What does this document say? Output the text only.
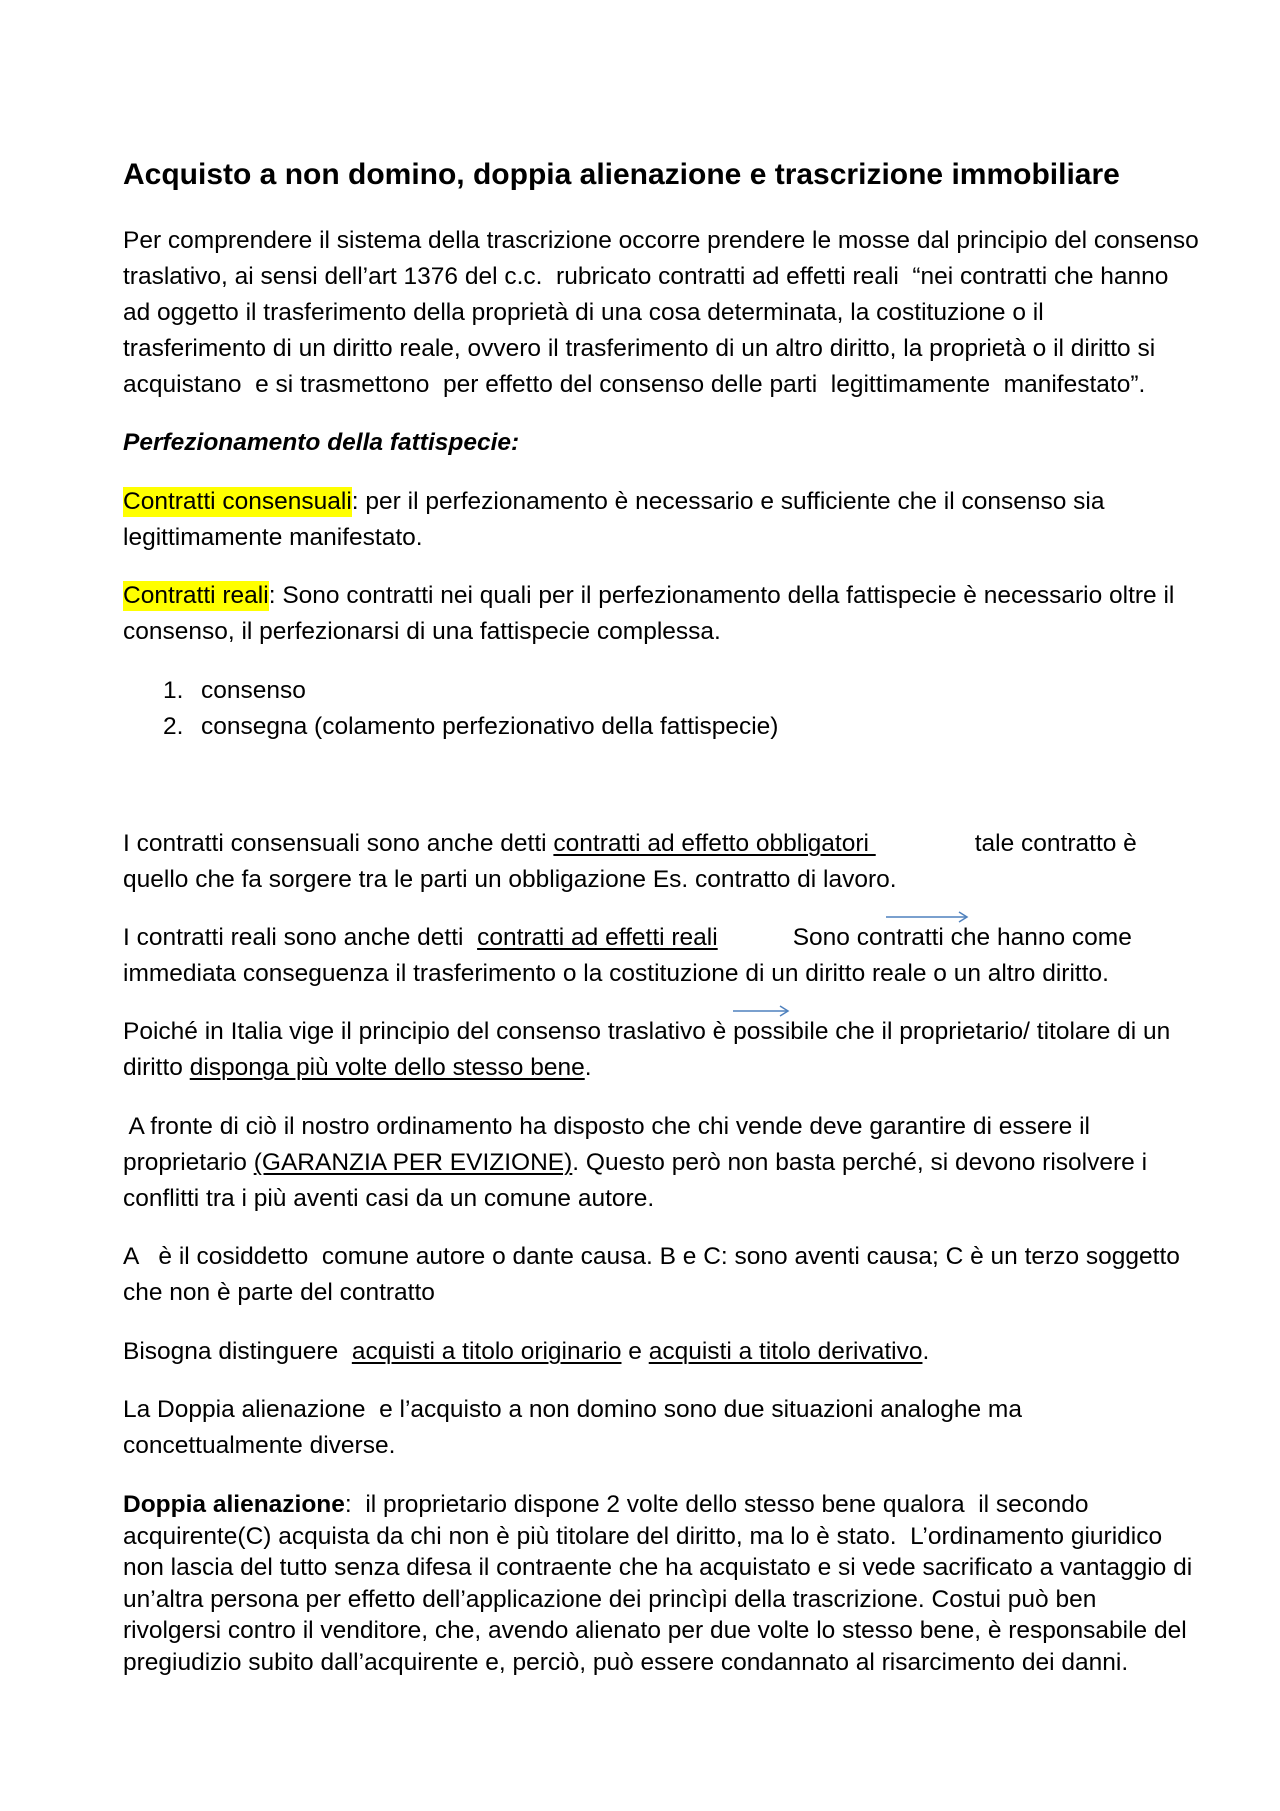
Acquisto a non domino, doppia alienazione e trascrizione immobiliare
Per comprendere il sistema della trascrizione occorre prendere le mosse dal principio del consenso
traslativo, ai sensi dell’art 1376 del c.c.  rubricato contratti ad effetti reali  “nei contratti che hanno
ad oggetto il trasferimento della proprietà di una cosa determinata, la costituzione o il
trasferimento di un diritto reale, ovvero il trasferimento di un altro diritto, la proprietà o il diritto si
acquistano  e si trasmettono  per effetto del consenso delle parti  legittimamente  manifestato”.
Perfezionamento della fattispecie:
Contratti consensuali : per il perfezionamento è necessario e sufficiente che il consenso sia
legittimamente manifestato.
Contratti reali : Sono contratti nei quali per il perfezionamento della fattispecie è necessario oltre il
consenso, il perfezionarsi di una fattispecie complessa.
1. consenso
2. consegna (colamento perfezionativo della fattispecie)
I contratti consensuali sono anche detti contratti ad effetto obbligatori

	tale contratto è
quello che fa sorgere tra le parti un obbligazione Es. contratto di lavoro.
I contratti reali sono anche detti contratti ad effetti reali

	Sono contratti che hanno come
immediata conseguenza il trasferimento o la costituzione di un diritto reale o un altro diritto.
Poiché in Italia vige il principio del consenso traslativo è possibile che il proprietario/ titolare di un
diritto disponga più volte dello stesso bene .
A fronte di ciò il nostro ordinamento ha disposto che chi vende deve garantire di essere il
proprietario (GARANZIA PER EVIZIONE) . Questo però non basta perché, si devono risolvere i
conflitti tra i più aventi casi da un comune autore.
A   è il cosiddetto  comune autore o dante causa. B e C: sono aventi causa; C è un terzo soggetto
che non è parte del contratto
Bisogna distinguere acquisti a titolo originario e acquisti a titolo derivativo .
La Doppia alienazione  e l’acquisto a non domino sono due situazioni analoghe ma
concettualmente diverse.
Doppia alienazione :  il proprietario dispone 2 volte dello stesso bene qualora  il secondo
acquirente(C) acquista da chi non è più titolare del diritto, ma lo è stato.  L’ordinamento giuridico
non lascia del tutto senza difesa il contraente che ha acquistato e si vede sacrificato a vantaggio di
un’altra persona per effetto dell’applicazione dei princìpi della trascrizione. Costui può ben
rivolgersi contro il venditore, che, avendo alienato per due volte lo stesso bene, è responsabile del
pregiudizio subito dall’acquirente e, perciò, può essere condannato al risarcimento dei danni.
